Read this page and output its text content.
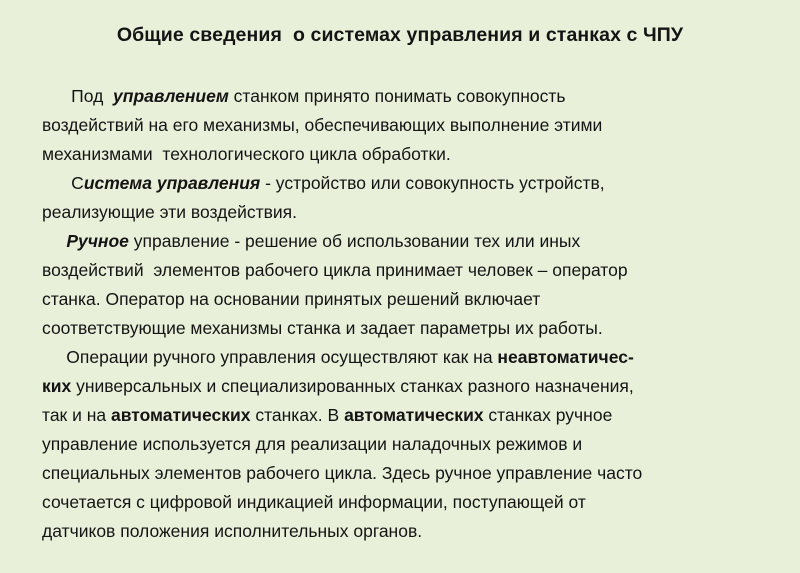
Общие сведения  о системах управления и станках с ЧПУ
Под  управлением станком принято понимать совокупность
воздействий на его механизмы, обеспечивающих выполнение этими
механизмами  технологического цикла обработки.
Система управления - устройство или совокупность устройств,
реализующие эти воздействия.
Ручное управление - решение об использовании тех или иных
воздействий  элементов рабочего цикла принимает человек – оператор
станка. Оператор на основании принятых решений включает
соответствующие механизмы станка и задает параметры их работы.
Операции ручного управления осуществляют как на неавтоматичес-
ких универсальных и специализированных станках разного назначения,
так и на автоматических станках. В автоматических станках ручное
управление используется для реализации наладочных режимов и
специальных элементов рабочего цикла. Здесь ручное управление часто
сочетается с цифровой индикацией информации, поступающей от
датчиков положения исполнительных органов.
